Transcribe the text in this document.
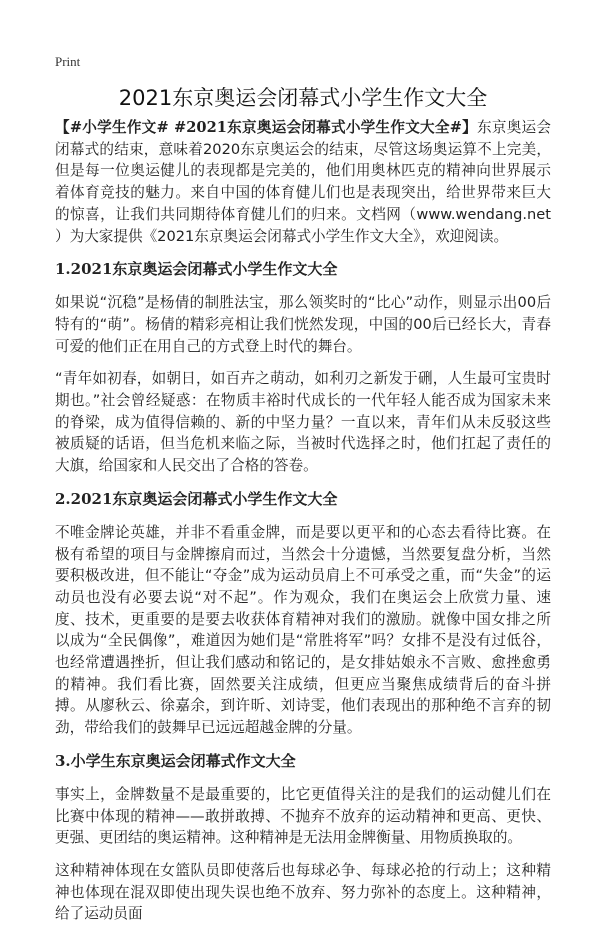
Print
2021东京奥运会闭幕式小学生作文大全

【#小学生作文# #2021东京奥运会闭幕式小学生作文大全#】东京奥运会闭幕式的结束，意味着2020东京奥运会的结束，尽管这场奥运算不上完美，但是每一位奥运健儿的表现都是完美的，他们用奥林匹克的精神向世界展示着体育竞技的魅力。来自中国的体育健儿们也是表现突出，给世界带来巨大的惊喜，让我们共同期待体育健儿们的归来。文档网（www.wendang.net ）为大家提供《2021东京奥运会闭幕式小学生作文大全》，欢迎阅读。

1.2021东京奥运会闭幕式小学生作文大全

如果说“沉稳”是杨倩的制胜法宝，那么领奖时的“比心”动作，则显示出00后特有的“萌”。杨倩的精彩亮相让我们恍然发现，中国的00后已经长大，青春可爱的他们正在用自己的方式登上时代的舞台。

“青年如初春，如朝日，如百卉之萌动，如利刃之新发于硎，人生最可宝贵时期也。”社会曾经疑惑：在物质丰裕时代成长的一代年轻人能否成为国家未来的脊梁，成为值得信赖的、新的中坚力量？一直以来，青年们从未反驳这些被质疑的话语，但当危机来临之际，当被时代选择之时，他们扛起了责任的大旗，给国家和人民交出了合格的答卷。

2.2021东京奥运会闭幕式小学生作文大全

不唯金牌论英雄，并非不看重金牌，而是要以更平和的心态去看待比赛。在极有希望的项目与金牌擦肩而过，当然会十分遗憾，当然要复盘分析，当然要积极改进，但不能让“夺金”成为运动员肩上不可承受之重，而“失金”的运动员也没有必要去说“对不起”。作为观众，我们在奥运会上欣赏力量、速度、技术，更重要的是要去收获体育精神对我们的激励。就像中国女排之所以成为“全民偶像”，难道因为她们是“常胜将军”吗？女排不是没有过低谷，也经常遭遇挫折，但让我们感动和铭记的，是女排姑娘永不言败、愈挫愈勇的精神。我们看比赛，固然要关注成绩，但更应当聚焦成绩背后的奋斗拼搏。从廖秋云、徐嘉余，到许昕、刘诗雯，他们表现出的那种绝不言弃的韧劲，带给我们的鼓舞早已远远超越金牌的分量。

3.小学生东京奥运会闭幕式作文大全

事实上，金牌数量不是最重要的，比它更值得关注的是我们的运动健儿们在比赛中体现的精神——敢拼敢搏、不抛弃不放弃的运动精神和更高、更快、更强、更团结的奥运精神。这种精神是无法用金牌衡量、用物质换取的。

这种精神体现在女篮队员即使落后也每球必争、每球必抢的行动上；这种精神也体现在混双即使出现失误也绝不放弃、努力弥补的态度上。这种精神，给了运动员面
